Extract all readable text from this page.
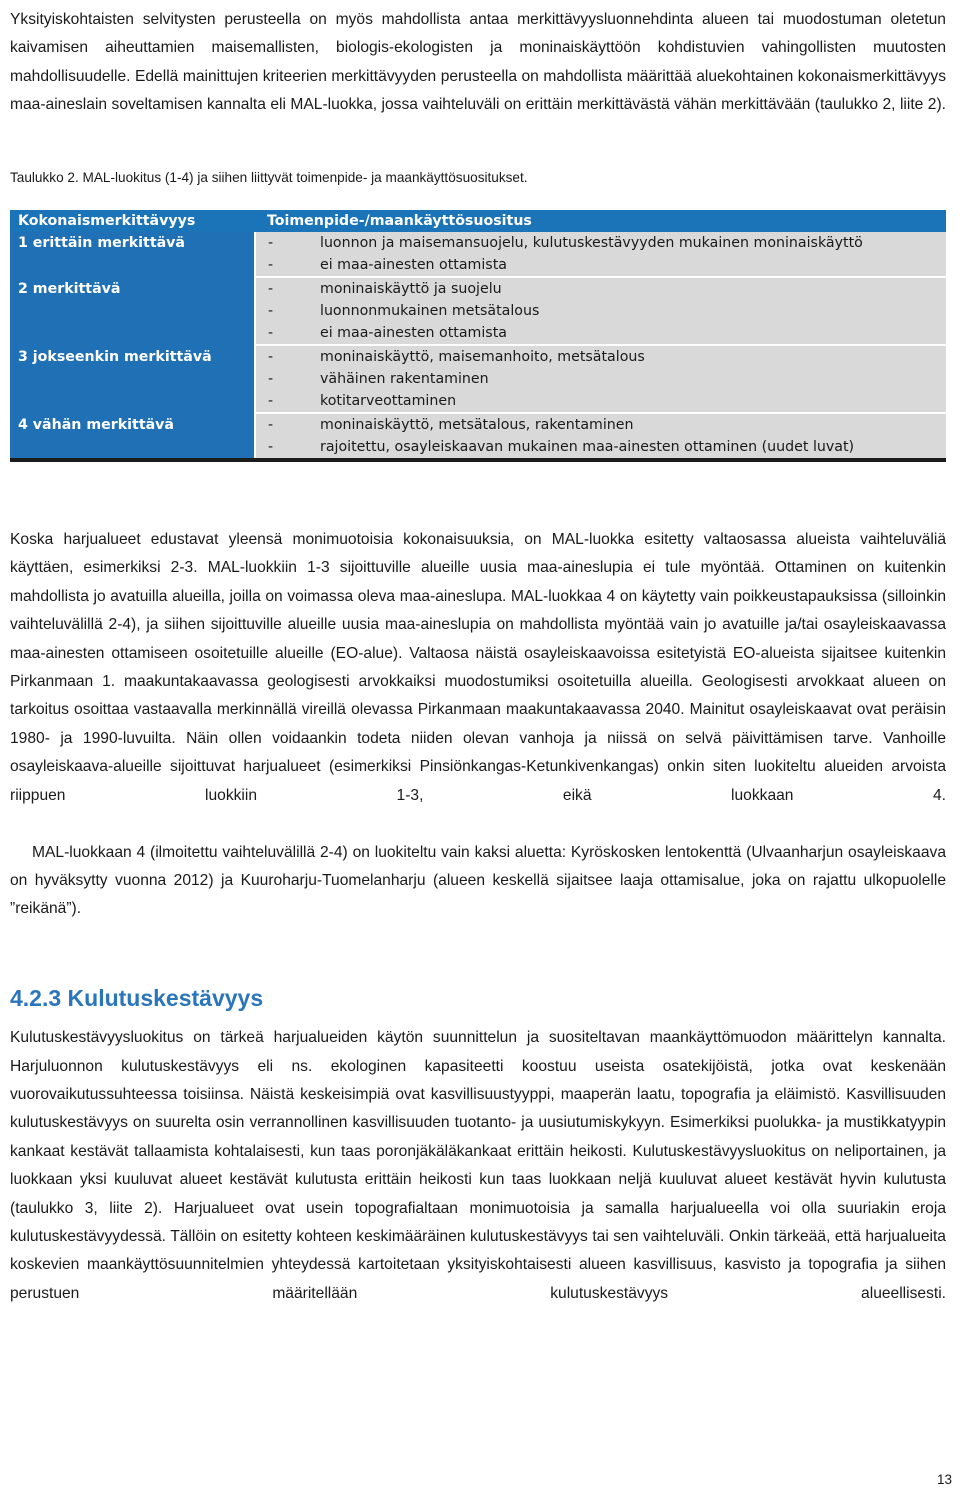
Yksityiskohtaisten selvitysten perusteella on myös mahdollista antaa merkittävyysluonnehdinta alueen tai muodostuman oletetun kaivamisen aiheuttamien maisemallisten, biologis-ekologisten ja moninaiskäyttöön kohdistuvien vahingollisten muutosten mahdollisuudelle. Edellä mainittujen kriteerien merkittävyyden perusteella on mahdollista määrittää aluekohtainen kokonaismerkittävyys maa-aineslain soveltamisen kannalta eli MAL-luokka, jossa vaihteluväli on erittäin merkittävästä vähän merkittävään (taulukko 2, liite 2).

Taulukko 2. MAL-luokitus (1-4) ja siihen liittyvät toimenpide- ja maankäyttösuositukset.

Kokonaismerkittävyys	Toimenpide-/maankäyttösuositus
1 erittäin merkittävä	- luonnon ja maisemansuojelu, kulutuskestävyyden mukainen moninaiskäyttö
	- ei maa-ainesten ottamista
2 merkittävä	- moninaiskäyttö ja suojelu
	- luonnonmukainen metsätalous
	- ei maa-ainesten ottamista
3 jokseenkin merkittävä	- moninaiskäyttö, maisemanhoito, metsätalous
	- vähäinen rakentaminen
	- kotitarveottaminen
4 vähän merkittävä	- moninaiskäyttö, metsätalous, rakentaminen
	- rajoitettu, osayleiskaavan mukainen maa-ainesten ottaminen (uudet luvat)

Koska harjualueet edustavat yleensä monimuotoisia kokonaisuuksia, on MAL-luokka esitetty valtaosassa alueista vaihteluväliä käyttäen, esimerkiksi 2-3. MAL-luokkiin 1-3 sijoittuville alueille uusia maa-aineslupia ei tule myöntää. Ottaminen on kuitenkin mahdollista jo avatuilla alueilla, joilla on voimassa oleva maa-aineslupa. MAL-luokkaa 4 on käytetty vain poikkeustapauksissa (silloinkin vaihteluvälillä 2-4), ja siihen sijoittuville alueille uusia maa-aineslupia on mahdollista myöntää vain jo avatuille ja/tai osayleiskaavassa maa-ainesten ottamiseen osoitetuille alueille (EO-alue). Valtaosa näistä osayleiskaavoissa esitetyistä EO-alueista sijaitsee kuitenkin Pirkanmaan 1. maakuntakaavassa geologisesti arvokkaiksi muodostumiksi osoitetuilla alueilla. Geologisesti arvokkaat alueen on tarkoitus osoittaa vastaavalla merkinnällä vireillä olevassa Pirkanmaan maakuntakaavassa 2040. Mainitut osayleiskaavat ovat peräisin 1980- ja 1990-luvuilta. Näin ollen voidaankin todeta niiden olevan vanhoja ja niissä on selvä päivittämisen tarve. Vanhoille osayleiskaava-alueille sijoittuvat harjualueet (esimerkiksi Pinsiönkangas-Ketunkivenkangas) onkin siten luokiteltu alueiden arvoista riippuen luokkiin 1-3, eikä luokkaan 4.

MAL-luokkaan 4 (ilmoitettu vaihteluvälillä 2-4) on luokiteltu vain kaksi aluetta: Kyröskosken lentokenttä (Ulvaanharjun osayleiskaava on hyväksytty vuonna 2012) ja Kuuroharju-Tuomelanharju (alueen keskellä sijaitsee laaja ottamisalue, joka on rajattu ulkopuolelle ”reikänä”).

4.2.3 Kulutuskestävyys

Kulutuskestävyysluokitus on tärkeä harjualueiden käytön suunnittelun ja suositeltavan maankäyttömuodon määrittelyn kannalta. Harjuluonnon kulutuskestävyys eli ns. ekologinen kapasiteetti koostuu useista osatekijöistä, jotka ovat keskenään vuorovaikutussuhteessa toisiinsa. Näistä keskeisimpiä ovat kasvillisuustyyppi, maaperän laatu, topografia ja eläimistö. Kasvillisuuden kulutuskestävyys on suurelta osin verrannollinen kasvillisuuden tuotanto- ja uusiutumiskykyyn. Esimerkiksi puolukka- ja mustikkatyypin kankaat kestävät tallaamista kohtalaisesti, kun taas poronjäkäläkankaat erittäin heikosti. Kulutuskestävyysluokitus on neliportainen, ja luokkaan yksi kuuluvat alueet kestävät kulutusta erittäin heikosti kun taas luokkaan neljä kuuluvat alueet kestävät hyvin kulutusta (taulukko 3, liite 2). Harjualueet ovat usein topografialtaan monimuotoisia ja samalla harjualueella voi olla suuriakin eroja kulutuskestävyydessä. Tällöin on esitetty kohteen keskimääräinen kulutuskestävyys tai sen vaihteluväli. Onkin tärkeää, että harjualueita koskevien maankäyttösuunnitelmien yhteydessä kartoitetaan yksityiskohtaisesti alueen kasvillisuus, kasvisto ja topografia ja siihen perustuen määritellään kulutuskestävyys alueellisesti.

13
